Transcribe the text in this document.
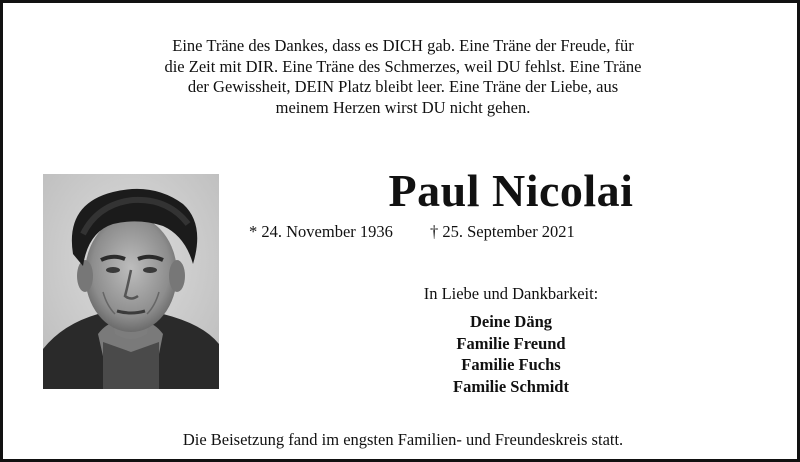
Eine Träne des Dankes, dass es DICH gab. Eine Träne der Freude, für
die Zeit mit DIR. Eine Träne des Schmerzes, weil DU fehlst. Eine Träne
der Gewissheit, DEIN Platz bleibt leer. Eine Träne der Liebe, aus
meinem Herzen wirst DU nicht gehen.
Paul Nicolai
* 24. November 1936 † 25. September 2021
In Liebe und Dankbarkeit:
Deine Däng
Familie Freund
Familie Fuchs
Familie Schmidt
Die Beisetzung fand im engsten Familien- und Freundeskreis statt.
